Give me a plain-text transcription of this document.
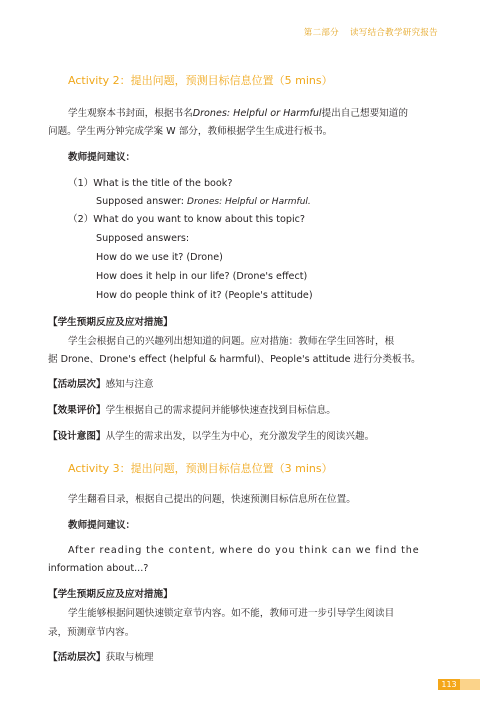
第二部分 读写结合教学研究报告
Activity 2：提出问题，预测目标信息位置（5 mins）
学生观察本书封面，根据书名Drones: Helpful or Harmful提出自己想要知道的
问题。学生两分钟完成学案 W 部分，教师根据学生生成进行板书。
教师提问建议：
（1）What is the title of the book?
Supposed answer: Drones: Helpful or Harmful.
（2）What do you want to know about this topic?
Supposed answers:
How do we use it? (Drone)
How does it help in our life? (Drone's effect)
How do people think of it? (People's attitude)
【学生预期反应及应对措施】
学生会根据自己的兴趣列出想知道的问题。应对措施：教师在学生回答时，根
据 Drone、Drone's effect (helpful & harmful)、People's attitude 进行分类板书。
【活动层次】感知与注意
【效果评价】学生根据自己的需求提问并能够快速查找到目标信息。
【设计意图】从学生的需求出发，以学生为中心，充分激发学生的阅读兴趣。
Activity 3：提出问题，预测目标信息位置（3 mins）
学生翻看目录，根据自己提出的问题，快速预测目标信息所在位置。
教师提问建议：
After reading the content, where do you think can we find the
information about...?
【学生预期反应及应对措施】
学生能够根据问题快速锁定章节内容。如不能，教师可进一步引导学生阅读目
录，预测章节内容。
【活动层次】获取与梳理
113
